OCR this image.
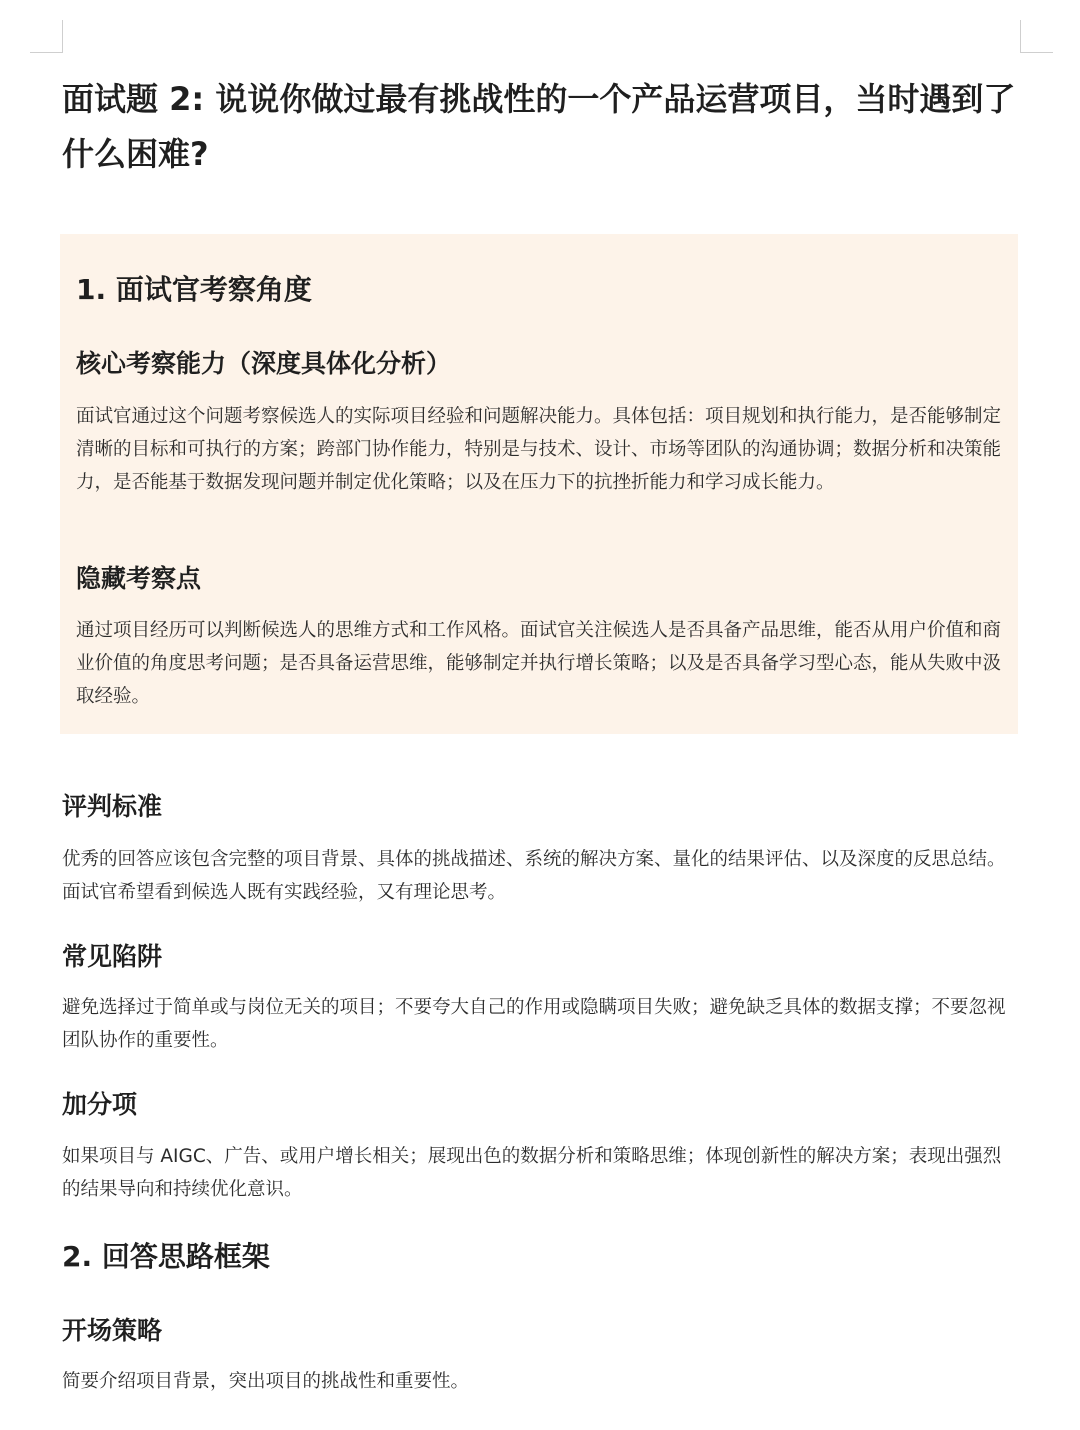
面试题 2: 说说你做过最有挑战性的一个产品运营项目，当时遇到了什么困难?
1. 面试官考察角度
核心考察能力（深度具体化分析）

面试官通过这个问题考察候选人的实际项目经验和问题解决能力。具体包括：项目规划和执行能力，是否能够制定清晰的目标和可执行的方案；跨部门协作能力，特别是与技术、设计、市场等团队的沟通协调；数据分析和决策能力，是否能基于数据发现问题并制定优化策略；以及在压力下的抗挫折能力和学习成长能力。

隐藏考察点

通过项目经历可以判断候选人的思维方式和工作风格。面试官关注候选人是否具备产品思维，能否从用户价值和商业价值的角度思考问题；是否具备运营思维，能够制定并执行增长策略；以及是否具备学习型心态，能从失败中汲取经验。

评判标准

优秀的回答应该包含完整的项目背景、具体的挑战描述、系统的解决方案、量化的结果评估、以及深度的反思总结。面试官希望看到候选人既有实践经验，又有理论思考。

常见陷阱

避免选择过于简单或与岗位无关的项目；不要夸大自己的作用或隐瞒项目失败；避免缺乏具体的数据支撑；不要忽视团队协作的重要性。

加分项

如果项目与 AIGC、广告、或用户增长相关；展现出色的数据分析和策略思维；体现创新性的解决方案；表现出强烈的结果导向和持续优化意识。

2. 回答思路框架
开场策略

简要介绍项目背景，突出项目的挑战性和重要性。
